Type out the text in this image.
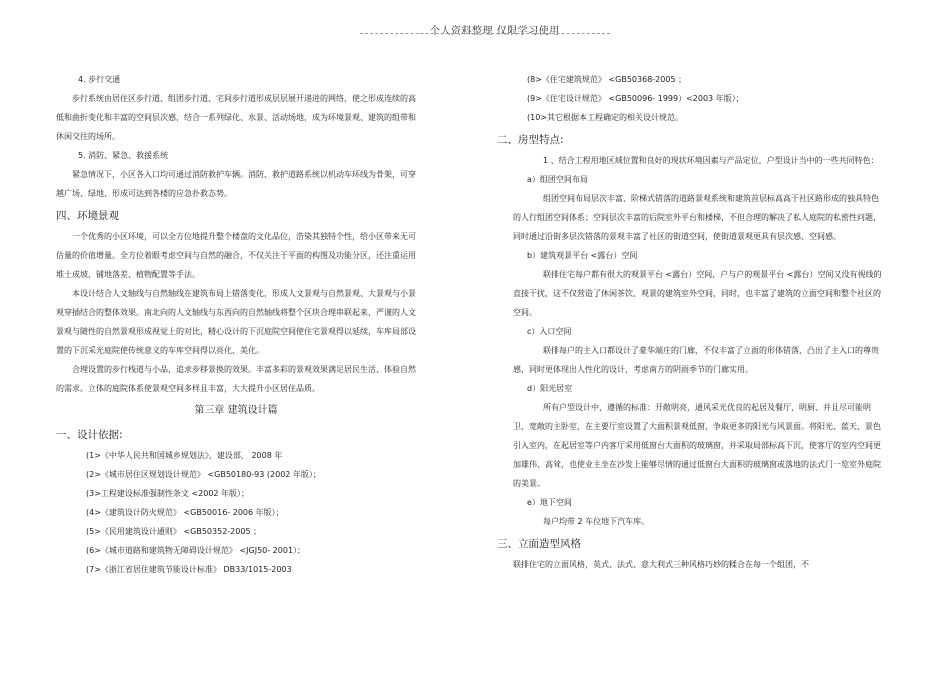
个人资料整理 仅限学习使用

4. 步行交通

步行系统由居住区步行道、组团步行道、宅间步行道形成层层展开递进的网络，使之形成连续的高低和曲折变化和丰富的空间层次感，结合一系列绿化、水景、活动场地，成为环境景观、建筑的组带和休闲交往的场所。

5. 消防、紧急、救援系统

紧急情况下，小区各入口均可通过消防救护车辆。消防、救护道路系统以机动车环线为骨架，可穿越广场、绿地、形成可达到各楼的应急扑救态势。

四、环境景观

一个优秀的小区环境，可以全方位地提升整个楼盘的文化品位，浩染其独特个性，给小区带来无可估量的价值增量。全方位着眼考虑空间与自然的融合，不仅关注于平面的构图及功能分区，还注重运用堆土成坡，铺地落差、植物配置等手法。

本设计结合人文轴线与自然轴线在建筑布局上错落变化，形成人文景观与自然景观、大景观与小景观穿插结合的整体效果。南北向的人文轴线与东西向的自然轴线将整个区块合理串联起来，严谨的人文景观与随性的自然景观形成视觉上的对比，精心设计的下沉庭院空间使住宅景观得以延续，车库局部设置的下沉采光庭院使传统意义的车库空间得以亮化、美化。

合理设置的步行栈道与小品，追求步移景换的效果。丰富多彩的景观效果满足居民生活、体验自然的需求。立体的庭院体系使景观空间多样且丰富，大大提升小区居住品质。

第三章 建筑设计篇

一、设计依据:

(1>《中华人民共和国城乡规划法》，建设部， 2008 年

(2>《城市居住区规划设计规范》 <GB50180-93 (2002 年版）；

(3>工程建设标准强制性条文 <2002 年版）；

(4>《建筑设计防火规范》 <GB50016- 2006 年版）；

(5>《民用建筑设计通则》 <GB50352-2005 ；

(6>《城市道路和建筑物无障碍设计规范》 <JGJ50- 2001）；

(7>《浙江省居住建筑节能设计标准》 DB33/1015-2003

(8>《住宅建筑规范》 <GB50368-2005 ；

(9>《住宅设计规范》 <GB50096- 1999）<2003 年版）；

(10>其它根据本工程确定的相关设计规范。

二、房型特点:

1 、结合工程用地区域位置和良好的现状环境因素与产品定位，户型设计当中的一些共同特色：

a）组团空间布局

组团空间布局层次丰富、阶梯式错落的道路景观系统和建筑首层标高高于社区路形成的独具特色的人行组团空间体系；空间层次丰富的后院室外平台和楼梯，不但合理的解决了私人庭院的私密性问题，同时通过沿街多层次错落的景观丰富了社区的街道空间，使街道景观更具有层次感、空间感。

b）建筑观景平台 <露台）空间

联排住宅每户都有很大的观景平台 <露台）空间，户与户的观景平台 <露台）空间又没有视线的直接干扰，这不仅营造了休闲茶饮、观景的建筑室外空间，同时，也丰富了建筑的立面空间和整个社区的空间。

c）入口空间

联排每户的主入口都设计了豪华端庄的门廊，不仅丰富了立面的形体错落，凸出了主入口的尊贵感，同时更体现出人性化的设计，考虑南方的阴雨季节的门廊实用。

d）阳光居室

所有户型设计中，遵循的标准：开敞明亮，通风采光优良的起居及餐厅，明厨、并且尽可能明卫，宽敞的主卧室，在主要厅室设置了大面积景观低窗，争取更多的阳光与风景面。将阳光、蓝天、景色引入室内，在起居室等户内客厅采用低窗台大面积的玻璃窗，并采取局部标高下沉，使客厅的室内空间更加雄伟、高耸，也使业主坐在沙发上能够尽情的通过低窗台大面积的玻璃窗或落地的法式门一览室外庭院的美景。

e）地下空间

每户均带 2 车位地下汽车库。

三、立面造型风格

联排住宅的立面风格，英式、法式、意大利式三种风格巧妙的糅合在每一个组团，不
